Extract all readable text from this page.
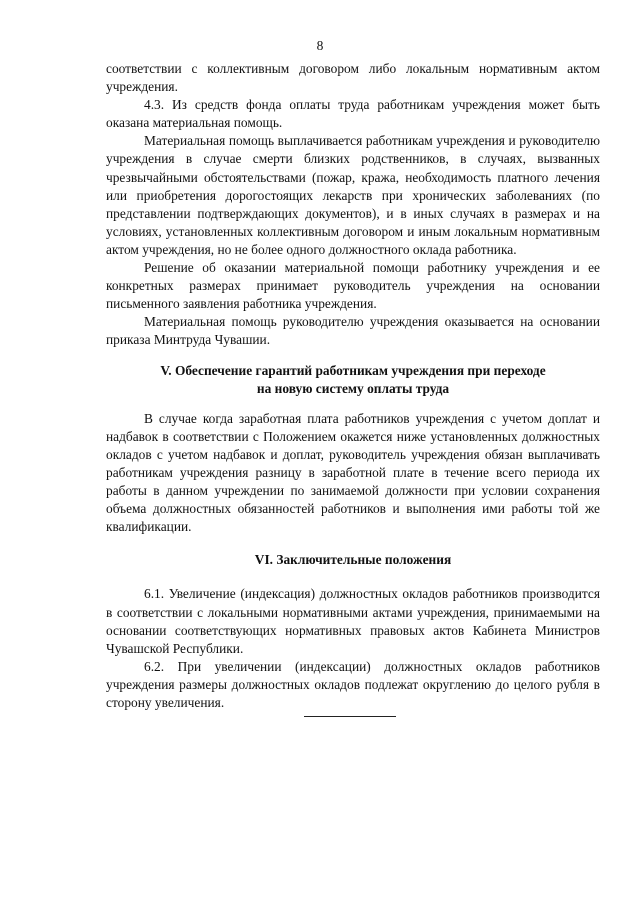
8

соответствии с коллективным договором либо локальным нормативным актом учреждения.

4.3. Из средств фонда оплаты труда работникам учреждения может быть оказана материальная помощь.

Материальная помощь выплачивается работникам учреждения и руководителю учреждения в случае смерти близких родственников, в случаях, вызванных чрезвычайными обстоятельствами (пожар, кража, необходимость платного лечения или приобретения дорогостоящих лекарств при хронических заболеваниях (по представлении подтверждающих документов), и в иных случаях в размерах и на условиях, установленных коллективным договором и иным локальным нормативным актом учреждения, но не более одного должностного оклада работника.

Решение об оказании материальной помощи работнику учреждения и ее конкретных размерах принимает руководитель учреждения на основании письменного заявления работника учреждения.

Материальная помощь руководителю учреждения оказывается на основании приказа Минтруда Чувашии.

V. Обеспечение гарантий работникам учреждения при переходе

на новую систему оплаты труда

В случае когда заработная плата работников учреждения с учетом доплат и надбавок в соответствии с Положением окажется ниже установленных должностных окладов с учетом надбавок и доплат, руководитель учреждения обязан выплачивать работникам учреждения разницу в заработной плате в течение всего периода их работы в данном учреждении по занимаемой должности при условии сохранения объема должностных обязанностей работников и выполнения ими работы той же квалификации.

VI. Заключительные положения

6.1. Увеличение (индексация) должностных окладов работников производится в соответствии с локальными нормативными актами учреждения, принимаемыми на основании соответствующих нормативных правовых актов Кабинета Министров Чувашской Республики.

6.2. При увеличении (индексации) должностных окладов работников учреждения размеры должностных окладов подлежат округлению до целого рубля в сторону увеличения.
